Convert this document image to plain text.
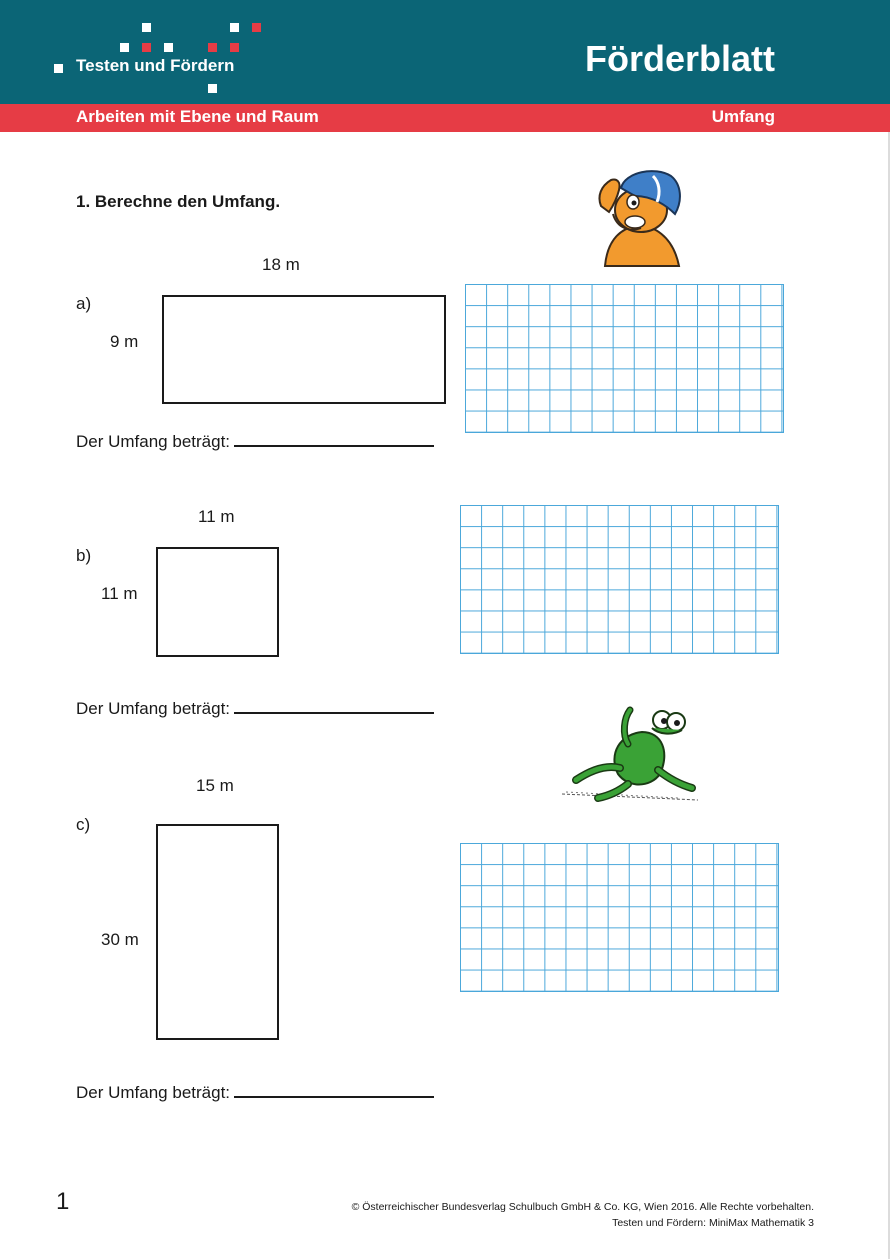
Testen und Fördern	Förderblatt
Arbeiten mit Ebene und Raum	Umfang
1. Berechne den Umfang.
18 m
a)
9 m
Der Umfang beträgt:
11 m
b)
11 m
Der Umfang beträgt:
15 m
c)
30 m
Der Umfang beträgt:
1	© Österreichischer Bundesverlag Schulbuch GmbH & Co. KG, Wien 2016. Alle Rechte vorbehalten.
Testen und Fördern: MiniMax Mathematik 3
